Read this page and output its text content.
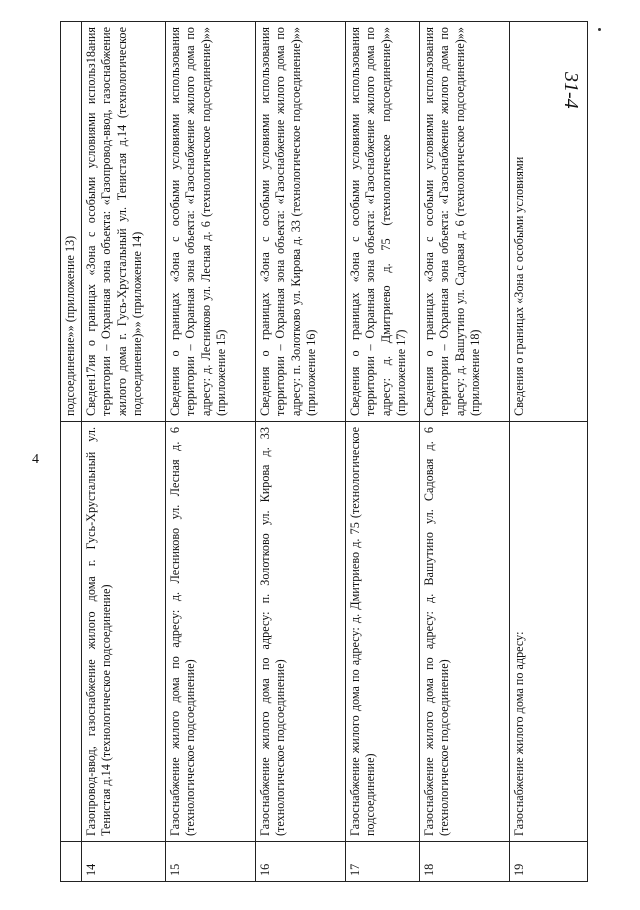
31-4
4
		подсоединение»» (приложение 13)
14	Газопровод-ввод, газоснабжение жилого дома г. Гусь-Хрустальный ул. Тенистая д.14 (технологическое подсоединение)	Сведен17ия о границах «Зона с особыми условиями использ18ания территории – Охранная зона объекта: «Газопровод-ввод, газоснабжение жилого дома г. Гусь-Хрустальный ул. Тенистая д.14 (технологическое подсоединение)»» (приложение 14)
15	Газоснабжение жилого дома по адресу: д. Лесниково ул. Лесная д. 6 (технологическое подсоединение)	Сведения о границах «Зона с особыми условиями использования территории – Охранная зона объекта: «Газоснабжение жилого дома по адресу: д. Лесниково ул. Лесная д. 6 (технологическое подсоединение)»» (приложение 15)
16	Газоснабжение жилого дома по адресу: п. Золотково ул. Кирова д. 33 (технологическое подсоединение)	Сведения о границах «Зона с особыми условиями использования территории – Охранная зона объекта: «Газоснабжение жилого дома по адресу: п. Золотково ул. Кирова д. 33 (технологическое подсоединение)»» (приложение 16)
17	Газоснабжение жилого дома по адресу: д. Дмитриево д. 75 (технологическое подсоединение)	Сведения о границах «Зона с особыми условиями использования территории – Охранная зона объекта: «Газоснабжение жилого дома по адресу: д. Дмитриево д. 75 (технологическое подсоединение)»» (приложение 17)
18	Газоснабжение жилого дома по адресу: д. Вашутино ул. Садовая д. 6 (технологическое подсоединение)	Сведения о границах «Зона с особыми условиями использования территории – Охранная зона объекта: «Газоснабжение жилого дома по адресу: д. Вашутино ул. Садовая д. 6 (технологическое подсоединение)»» (приложение 18)
19	Газоснабжение жилого дома по адресу:	Сведения о границах «Зона с особыми условиями
